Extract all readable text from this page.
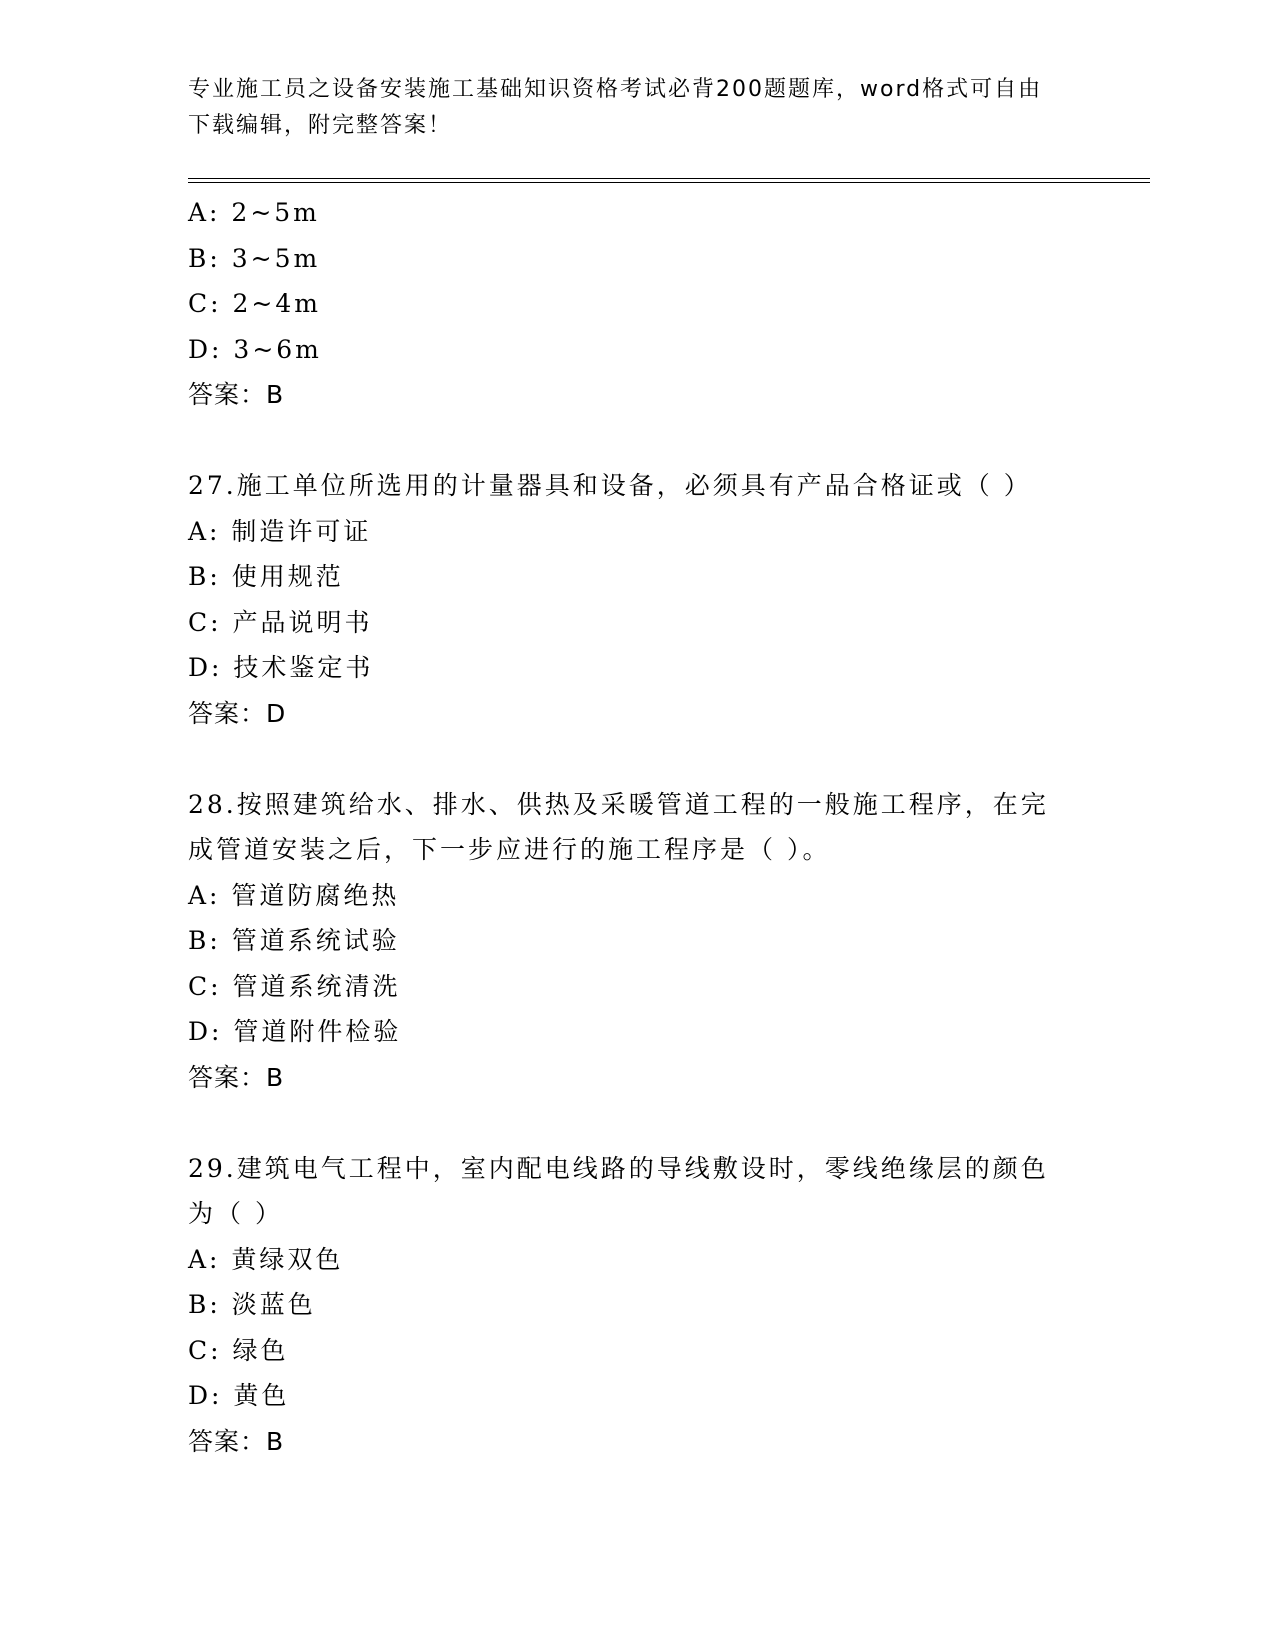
专业施工员之设备安装施工基础知识资格考试必背200题题库，word格式可自由
下载编辑，附完整答案！
A: 2~5m
B: 3~5m
C: 2~4m
D: 3~6m
答案：B
27.施工单位所选用的计量器具和设备，必须具有产品合格证或（ ）
A: 制造许可证
B: 使用规范
C: 产品说明书
D: 技术鉴定书
答案：D
28.按照建筑给水、排水、供热及采暖管道工程的一般施工程序，在完
成管道安装之后，下一步应进行的施工程序是（ ）。
A: 管道防腐绝热
B: 管道系统试验
C: 管道系统清洗
D: 管道附件检验
答案：B
29.建筑电气工程中，室内配电线路的导线敷设时，零线绝缘层的颜色
为（ ）
A: 黄绿双色
B: 淡蓝色
C: 绿色
D: 黄色
答案：B
